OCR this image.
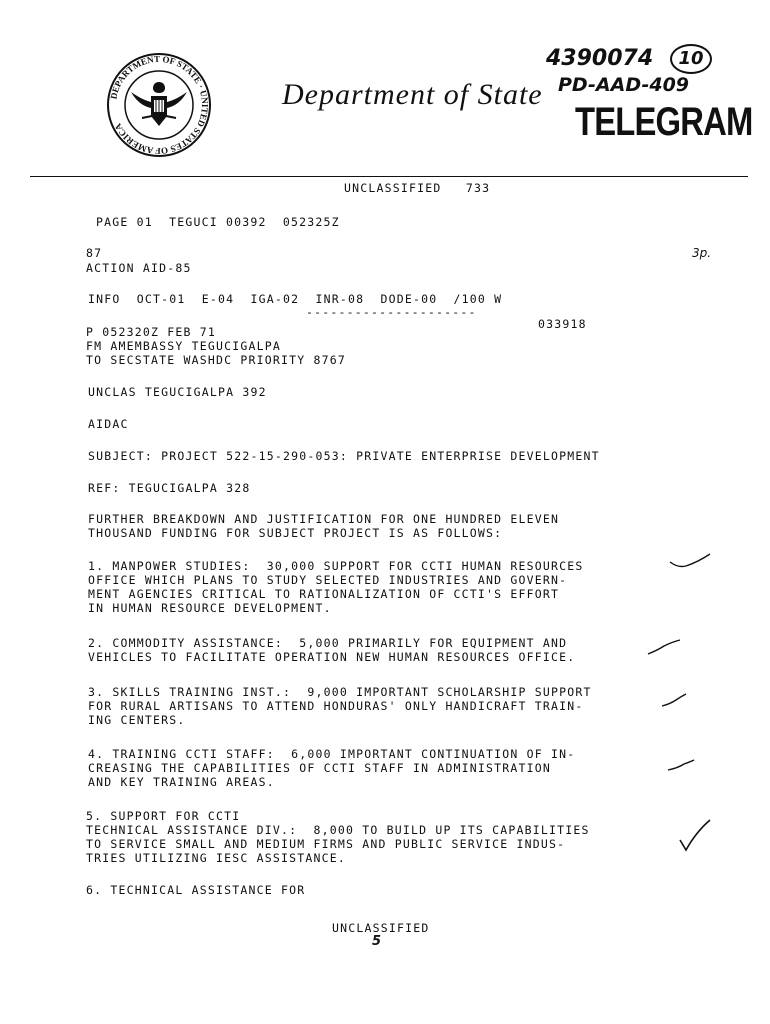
DEPARTMENT OF STATE · UNITED STATES OF AMERICA
Department of State
TELEGRAM
4390074	10
PD-AAD-409
UNCLASSIFIED   733
PAGE 01  TEGUCI 00392  052325Z
87	3p.
ACTION AID-85
INFO  OCT-01  E-04  IGA-02  INR-08  DODE-00  /100 W
---------------------
033918
P 052320Z FEB 71
FM AMEMBASSY TEGUCIGALPA
TO SECSTATE WASHDC PRIORITY 8767
UNCLAS TEGUCIGALPA 392
AIDAC
SUBJECT: PROJECT 522-15-290-053: PRIVATE ENTERPRISE DEVELOPMENT
REF: TEGUCIGALPA 328
FURTHER BREAKDOWN AND JUSTIFICATION FOR ONE HUNDRED ELEVEN
THOUSAND FUNDING FOR SUBJECT PROJECT IS AS FOLLOWS:
1. MANPOWER STUDIES:  30,000 SUPPORT FOR CCTI HUMAN RESOURCES
OFFICE WHICH PLANS TO STUDY SELECTED INDUSTRIES AND GOVERN-
MENT AGENCIES CRITICAL TO RATIONALIZATION OF CCTI'S EFFORT
IN HUMAN RESOURCE DEVELOPMENT.
2. COMMODITY ASSISTANCE:  5,000 PRIMARILY FOR EQUIPMENT AND
VEHICLES TO FACILITATE OPERATION NEW HUMAN RESOURCES OFFICE.
3. SKILLS TRAINING INST.:  9,000 IMPORTANT SCHOLARSHIP SUPPORT
FOR RURAL ARTISANS TO ATTEND HONDURAS' ONLY HANDICRAFT TRAIN-
ING CENTERS.
4. TRAINING CCTI STAFF:  6,000 IMPORTANT CONTINUATION OF IN-
CREASING THE CAPABILITIES OF CCTI STAFF IN ADMINISTRATION
AND KEY TRAINING AREAS.
5. SUPPORT FOR CCTI
TECHNICAL ASSISTANCE DIV.:  8,000 TO BUILD UP ITS CAPABILITIES
TO SERVICE SMALL AND MEDIUM FIRMS AND PUBLIC SERVICE INDUS-
TRIES UTILIZING IESC ASSISTANCE.
6. TECHNICAL ASSISTANCE FOR
UNCLASSIFIED
5
